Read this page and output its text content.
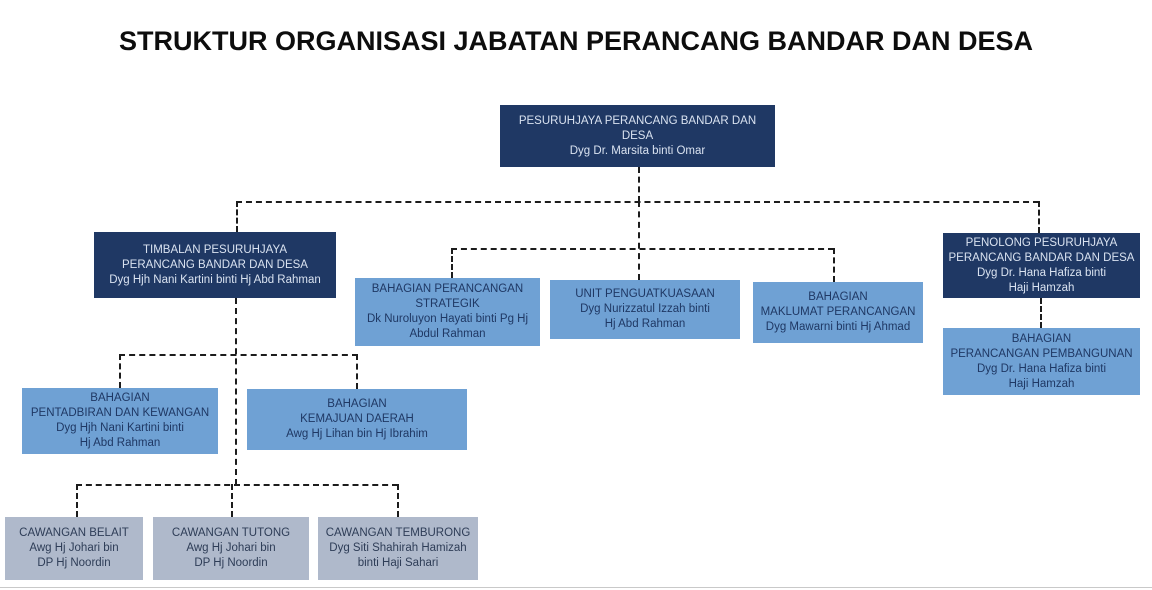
STRUKTUR ORGANISASI JABATAN PERANCANG BANDAR DAN DESA
PESURUHJAYA PERANCANG BANDAR DAN DESA
Dyg Dr. Marsita binti Omar
TIMBALAN PESURUHJAYA
PERANCANG BANDAR DAN DESA
Dyg Hjh Nani Kartini binti Hj Abd Rahman
PENOLONG PESURUHJAYA
PERANCANG BANDAR DAN DESA
Dyg Dr. Hana Hafiza binti
Haji Hamzah
BAHAGIAN PERANCANGAN
STRATEGIK
Dk Nuroluyon Hayati binti Pg Hj
Abdul Rahman
UNIT PENGUATKUASAAN
Dyg Nurizzatul Izzah binti
Hj Abd Rahman
BAHAGIAN
MAKLUMAT PERANCANGAN
Dyg Mawarni binti Hj Ahmad
BAHAGIAN
PERANCANGAN PEMBANGUNAN
Dyg Dr. Hana Hafiza binti
Haji Hamzah
BAHAGIAN
PENTADBIRAN DAN KEWANGAN
Dyg Hjh Nani Kartini binti
Hj Abd Rahman
BAHAGIAN
KEMAJUAN DAERAH
Awg Hj Lihan bin Hj Ibrahim
CAWANGAN BELAIT
Awg Hj Johari bin
DP Hj Noordin
CAWANGAN TUTONG
Awg Hj Johari bin
DP Hj Noordin
CAWANGAN TEMBURONG
Dyg Siti Shahirah Hamizah
binti Haji Sahari
